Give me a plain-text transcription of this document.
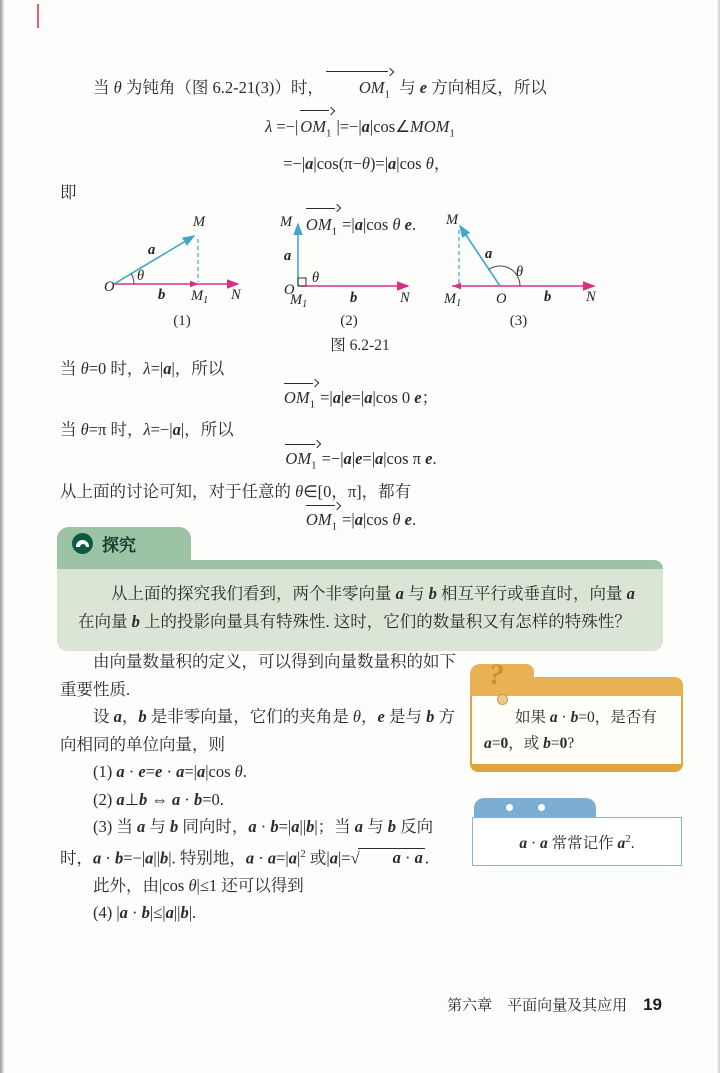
当 θ 为钝角（图 6.2-21(3)）时， $OM_1$ 与 e 方向相反，所以
λ =−| $OM_1$ $|=-|a|\cos\angle MOM_1$
=−|a|cos(π−θ)=|a|cos θ，
即
$OM_1 =|a|\cos$ θ e.
O
θ
a
M
b $M_1$ N
(1)
M
a
θ
O
$M_1$	b	N
(2)
M
a
θ
$M_1$ O	b N
(3)
图 6.2-21
当 θ=0 时，λ=|a|，所以
$OM_1 =|a|e=|a|\cos$ 0 e；
当 θ=π 时，λ=−|a|，所以
$OM_1 =-|a|e=|a|\cos$ π e.
从上面的讨论可知，对于任意的 θ∈[0，π]，都有
$OM_1 =|a|\cos$ θ e.
探究
从上面的探究我们看到，两个非零向量 a 与 b 相互平行或垂直时，向量 a 在向量 b 上的投影向量具有特殊性. 这时，它们的数量积又有怎样的特殊性？
由向量数量积的定义，可以得到向量数量积的如下重要性质.
设 a，b 是非零向量，它们的夹角是 θ，e 是与 b 方向相同的单位向量，则
(1) a · e=e · a=|a|cos θ.
(2) a⊥b ⇔ a · b=0.
(3) 当 a 与 b 同向时，a · b=|a||b|；当 a 与 b 反向时，a · b=−|a||b|. 特别地，$a \cdot a=|a|^2$ 或|a|=√ a · a .
此外，由|cos θ|≤1 还可以得到
(4) |a · b|≤|a||b|.
?
如果 a · b=0，是否有 a=0，或 b=0?
a · a 常常记作 $a^2$.
第六章　平面向量及其应用 19
